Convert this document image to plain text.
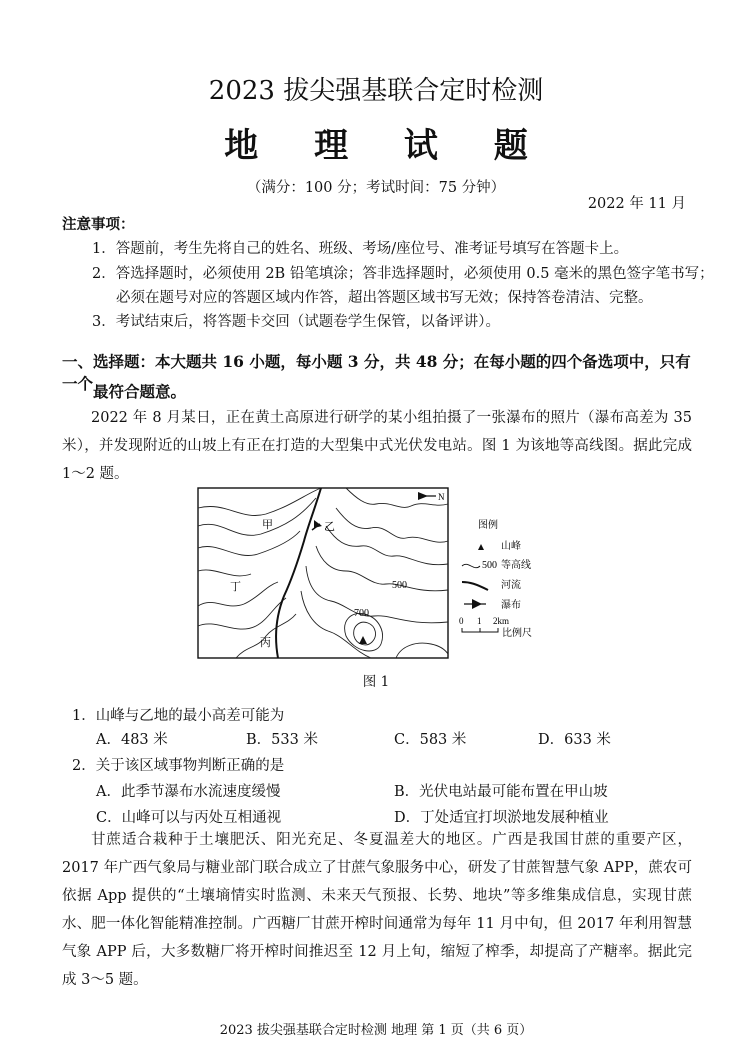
2023 拔尖强基联合定时检测
地 理 试 题
（满分：100 分；考试时间：75 分钟）
2022 年 11 月
注意事项：
1．答题前，考生先将自己的姓名、班级、考场/座位号、准考证号填写在答题卡上。
2．答选择题时，必须使用 2B 铅笔填涂；答非选择题时，必须使用 0.5 毫米的黑色签字笔书写；
必须在题号对应的答题区域内作答，超出答题区域书写无效；保持答卷清洁、完整。
3．考试结束后，将答题卡交回（试题卷学生保管，以备评讲）。
一、选择题：本大题共 16 小题，每小题 3 分，共 48 分；在每小题的四个备选项中，只有一个 最符合题意。
2022 年 8 月某日，正在黄土高原进行研学的某小组拍摄了一张瀑布的照片（瀑布高差为 35 米），并发现附近的山坡上有正在打造的大型集中式光伏发电站。图 1 为该地等高线图。据此完成 1～2 题。
N
甲	乙
丁
丙
500
700
图例
山峰
500 等高线
河流
瀑布
0 1 2km
比例尺
图 1
1．山峰与乙地的最小高差可能为
A．483 米	B．533 米	C．583 米	D．633 米
2．关于该区域事物判断正确的是
A．此季节瀑布水流速度缓慢	B．光伏电站最可能布置在甲山坡
C．山峰可以与丙处互相通视	D．丁处适宜打坝淤地发展种植业
甘蔗适合栽种于土壤肥沃、阳光充足、冬夏温差大的地区。广西是我国甘蔗的重要产区，2017 年广西气象局与糖业部门联合成立了甘蔗气象服务中心，研发了甘蔗智慧气象 APP，蔗农可依据 App 提供的“土壤墒情实时监测、未来天气预报、长势、地块”等多维集成信息，实现甘蔗水、肥一体化智能精准控制。广西糖厂甘蔗开榨时间通常为每年 11 月中旬，但 2017 年利用智慧气象 APP 后，大多数糖厂将开榨时间推迟至 12 月上旬，缩短了榨季，却提高了产糖率。据此完成 3～5 题。
2023 拔尖强基联合定时检测 地理 第 1 页（共 6 页）
